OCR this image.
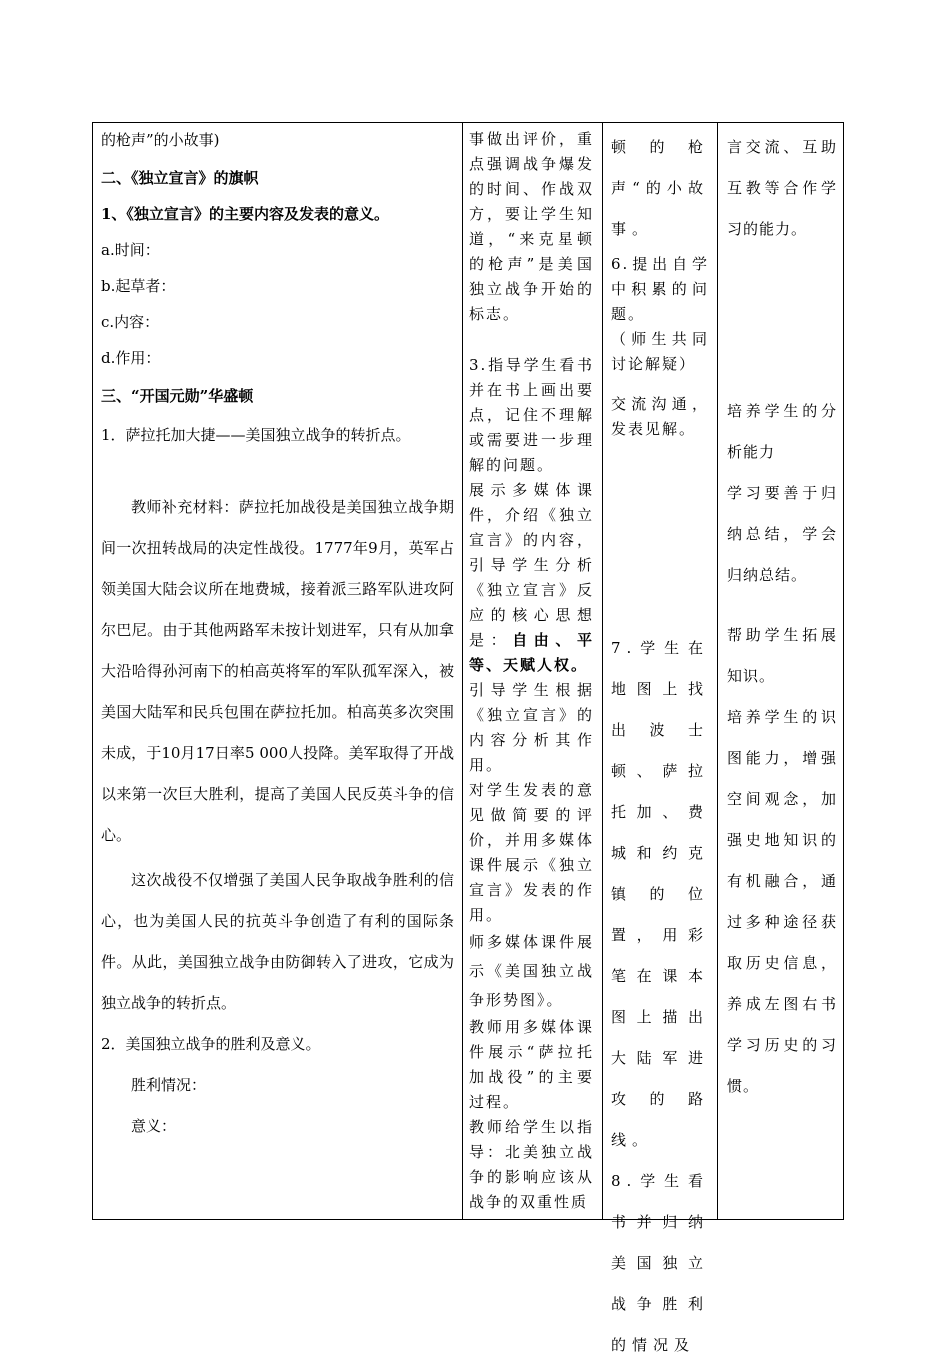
的枪声”的小故事)

二、《独立宣言》的旗帜

1、《独立宣言》的主要内容及发表的意义。

a.时间：

b.起草者：

c.内容：

d.作用：

三、“开国元勋”华盛顿

1．萨拉托加大捷——美国独立战争的转折点。

教师补充材料：萨拉托加战役是美国独立战争期间一次扭转战局的决定性战役。1777年9月，英军占领美国大陆会议所在地费城，接着派三路军队进攻阿尔巴尼。由于其他两路军未按计划进军，只有从加拿大沿哈得孙河南下的柏高英将军的军队孤军深入，被美国大陆军和民兵包围在萨拉托加。柏高英多次突围未成，于10月17日率5 000人投降。美军取得了开战以来第一次巨大胜利，提高了美国人民反英斗争的信心。

这次战役不仅增强了美国人民争取战争胜利的信心，也为美国人民的抗英斗争创造了有利的国际条件。从此，美国独立战争由防御转入了进攻，它成为独立战争的转折点。

2．美国独立战争的胜利及意义。

胜利情况：

意义：

事做出评价，重点强调战争爆发的时间、作战双方，要让学生知道，“来克星顿的枪声”是美国独立战争开始的标志。

3.指导学生看书并在书上画出要点，记住不理解或需要进一步理解的问题。

展示多媒体课件，介绍《独立宣言》的内容，引导学生分析《独立宣言》反应的核心思想是：自由、平等、天赋人权。

引导学生根据《独立宣言》的内容分析其作用。

对学生发表的意见做简要的评价，并用多媒体课件展示《独立宣言》发表的作用。

师多媒体课件展示《美国独立战争形势图》。

教师用多媒体课件展示“萨拉托加战役”的主要过程。

教师给学生以指导：北美独立战争的影响应该从战争的双重性质

顿的枪声“的小故事。

6.提出自学中积累的问题。

（师生共同讨论解疑）

交流沟通，发表见解。

7.学生在地图上找出波士顿、萨拉托加、费城和约克镇的位置，用彩笔在课本图上描出大陆军进攻的路线。

8.学生看书并归纳美国独立战争胜利的情况及

言交流、互助互教等合作学习的能力。

培养学生的分析能力

学习要善于归纳总结，学会归纳总结。

帮助学生拓展知识。

培养学生的识图能力，增强空间观念，加强史地知识的有机融合，通过多种途径获取历史信息，养成左图右书学习历史的习惯。
